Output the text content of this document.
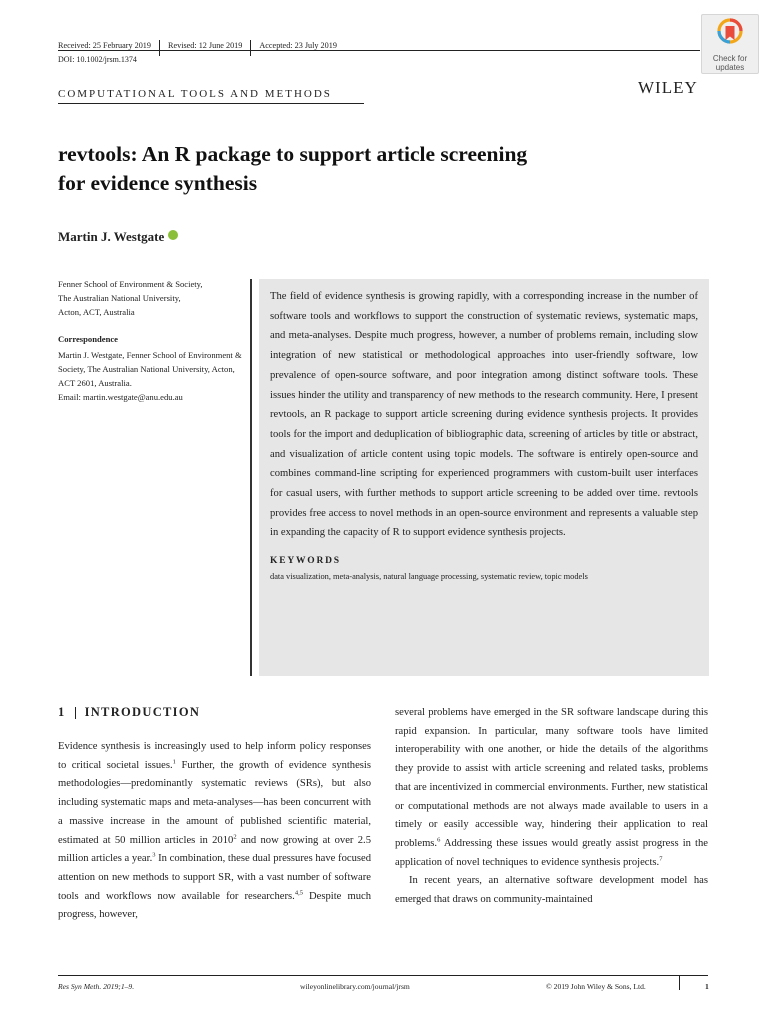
Received: 25 February 2019 Revised: 12 June 2019 Accepted: 23 July 2019
DOI: 10.1002/jrsm.1374	Check for
updates
COMPUTATIONAL TOOLS AND METHODS	WILEY
revtools: An R package to support article screening
for evidence synthesis
Martin J. Westgate
Fenner School of Environment & Society,
The Australian National University,
Acton, ACT, Australia
Correspondence
Martin J. Westgate, Fenner School of Environment & Society, The Australian National University, Acton, ACT 2601, Australia.
Email: martin.westgate@anu.edu.au
The field of evidence synthesis is growing rapidly, with a corresponding increase in the number of software tools and workflows to support the construction of systematic reviews, systematic maps, and meta-analyses. Despite much progress, however, a number of problems remain, including slow integration of new statistical or methodological approaches into user-friendly software, low prevalence of open-source software, and poor integration among distinct software tools. These issues hinder the utility and transparency of new methods to the research community. Here, I present revtools, an R package to support article screening during evidence synthesis projects. It provides tools for the import and deduplication of bibliographic data, screening of articles by title or abstract, and visualization of article content using topic models. The software is entirely open-source and combines command-line scripting for experienced programmers with custom-built user interfaces for casual users, with further methods to support article screening to be added over time. revtools provides free access to novel methods in an open-source environment and represents a valuable step in expanding the capacity of R to support evidence synthesis projects.
KEYWORDS
data visualization, meta-analysis, natural language processing, systematic review, topic models
1 INTRODUCTION

Evidence synthesis is increasingly used to help inform policy responses to critical societal issues.$^1$ Further, the growth of evidence synthesis methodologies—predominantly systematic reviews (SRs), but also including systematic maps and meta-analyses—has been concurrent with a massive increase in the amount of published scientific material, estimated at 50 million articles in 2010$^2$ and now growing at over 2.5 million articles a year.$^3$ In combination, these dual pressures have focused attention on new methods to support SR, with a vast number of software tools and workflows now available for researchers.$^{4,5}$ Despite much progress, however,

several problems have emerged in the SR software landscape during this rapid expansion. In particular, many software tools have limited interoperability with one another, or hide the details of the algorithms they provide to assist with article screening and related tasks, problems that are incentivized in commercial environments. Further, new statistical or computational methods are not always made available to users in a timely or easily accessible way, hindering their application to real problems.$^6$ Addressing these issues would greatly assist progress in the application of novel techniques to evidence synthesis projects.$^7$

In recent years, an alternative software development model has emerged that draws on community-maintained

Res Syn Meth. 2019;1–9.	wileyonlinelibrary.com/journal/jrsm	© 2019 John Wiley & Sons, Ltd.	1
